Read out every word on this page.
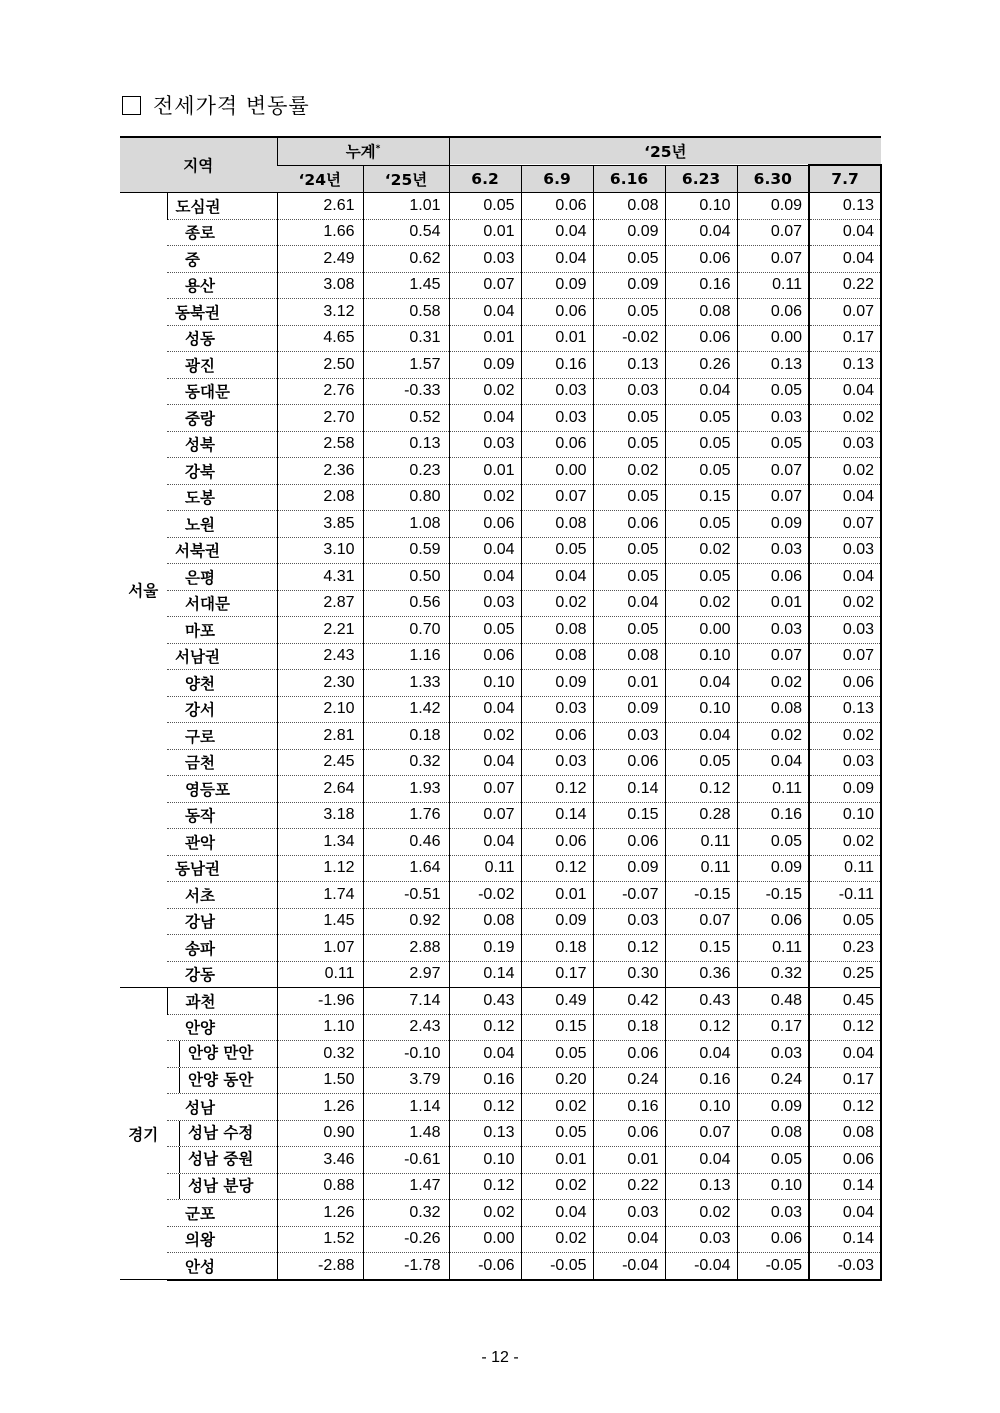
전세가격 변동률
지역		누계*		‘25년					
		‘24년	‘25년	6.2	6.9	6.16	6.23	6.30	7.7
서울	도심권	2.61	1.01	0.05	0.06	0.08	0.10	0.09	0.13
	종로	1.66	0.54	0.01	0.04	0.09	0.04	0.07	0.04
	중	2.49	0.62	0.03	0.04	0.05	0.06	0.07	0.04
	용산	3.08	1.45	0.07	0.09	0.09	0.16	0.11	0.22
	동북권	3.12	0.58	0.04	0.06	0.05	0.08	0.06	0.07
	성동	4.65	0.31	0.01	0.01	-0.02	0.06	0.00	0.17
	광진	2.50	1.57	0.09	0.16	0.13	0.26	0.13	0.13
	동대문	2.76	-0.33	0.02	0.03	0.03	0.04	0.05	0.04
	중랑	2.70	0.52	0.04	0.03	0.05	0.05	0.03	0.02
	성북	2.58	0.13	0.03	0.06	0.05	0.05	0.05	0.03
	강북	2.36	0.23	0.01	0.00	0.02	0.05	0.07	0.02
	도봉	2.08	0.80	0.02	0.07	0.05	0.15	0.07	0.04
	노원	3.85	1.08	0.06	0.08	0.06	0.05	0.09	0.07
	서북권	3.10	0.59	0.04	0.05	0.05	0.02	0.03	0.03
	은평	4.31	0.50	0.04	0.04	0.05	0.05	0.06	0.04
	서대문	2.87	0.56	0.03	0.02	0.04	0.02	0.01	0.02
	마포	2.21	0.70	0.05	0.08	0.05	0.00	0.03	0.03
	서남권	2.43	1.16	0.06	0.08	0.08	0.10	0.07	0.07
	양천	2.30	1.33	0.10	0.09	0.01	0.04	0.02	0.06
	강서	2.10	1.42	0.04	0.03	0.09	0.10	0.08	0.13
	구로	2.81	0.18	0.02	0.06	0.03	0.04	0.02	0.02
	금천	2.45	0.32	0.04	0.03	0.06	0.05	0.04	0.03
	영등포	2.64	1.93	0.07	0.12	0.14	0.12	0.11	0.09
	동작	3.18	1.76	0.07	0.14	0.15	0.28	0.16	0.10
	관악	1.34	0.46	0.04	0.06	0.06	0.11	0.05	0.02
	동남권	1.12	1.64	0.11	0.12	0.09	0.11	0.09	0.11
	서초	1.74	-0.51	-0.02	0.01	-0.07	-0.15	-0.15	-0.11
	강남	1.45	0.92	0.08	0.09	0.03	0.07	0.06	0.05
	송파	1.07	2.88	0.19	0.18	0.12	0.15	0.11	0.23
	강동	0.11	2.97	0.14	0.17	0.30	0.36	0.32	0.25
경기	과천	-1.96	7.14	0.43	0.49	0.42	0.43	0.48	0.45
	안양	1.10	2.43	0.12	0.15	0.18	0.12	0.17	0.12

	안양 만안	0.32	-0.10	0.04	0.05	0.06	0.04	0.03	0.04

	안양 동안	1.50	3.79	0.16	0.20	0.24	0.16	0.24	0.17
	성남	1.26	1.14	0.12	0.02	0.16	0.10	0.09	0.12

	성남 수정	0.90	1.48	0.13	0.05	0.06	0.07	0.08	0.08

	성남 중원	3.46	-0.61	0.10	0.01	0.01	0.04	0.05	0.06

	성남 분당	0.88	1.47	0.12	0.02	0.22	0.13	0.10	0.14
	군포	1.26	0.32	0.02	0.04	0.03	0.02	0.03	0.04
	의왕	1.52	-0.26	0.00	0.02	0.04	0.03	0.06	0.14
	안성	-2.88	-1.78	-0.06	-0.05	-0.04	-0.04	-0.05	-0.03
- 12 -
